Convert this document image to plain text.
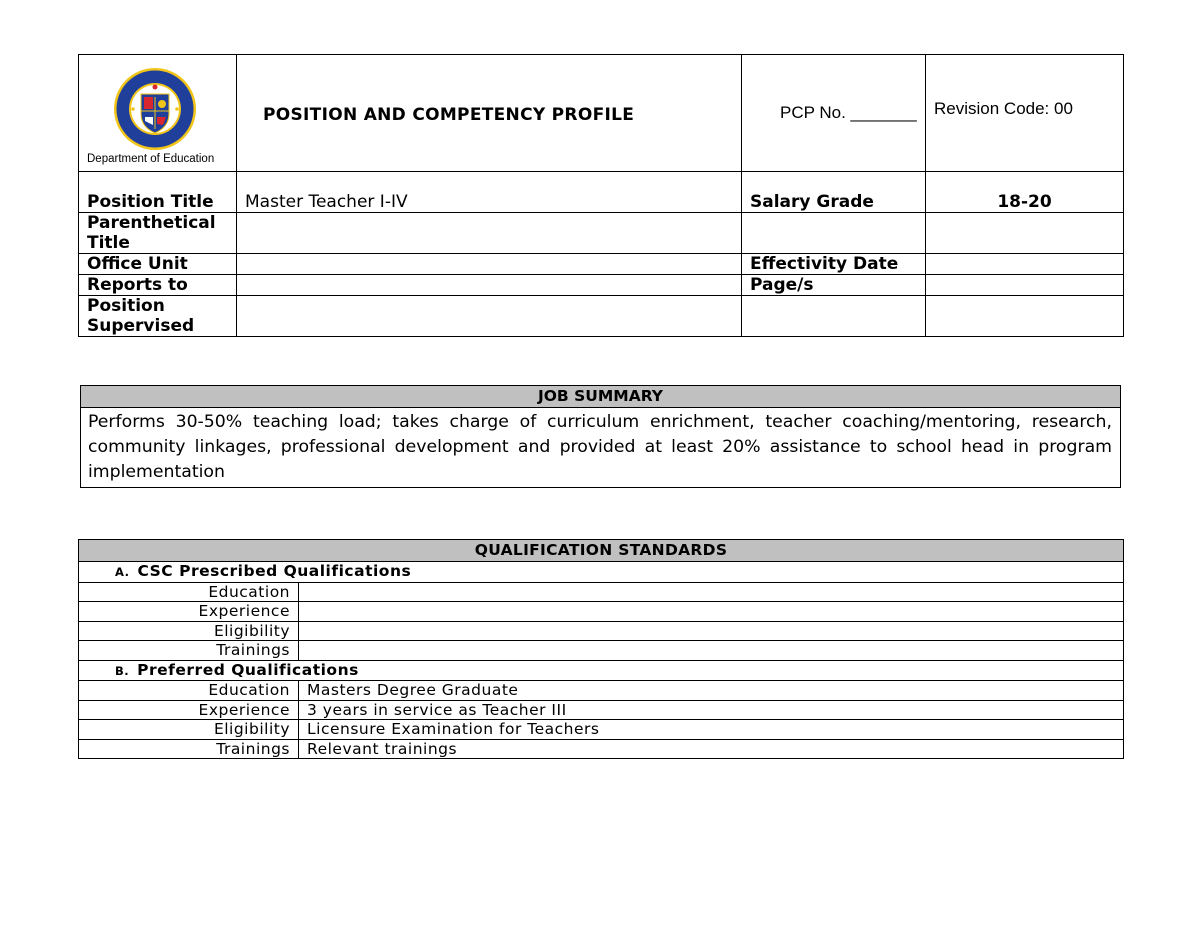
Department of Education	POSITION AND COMPETENCY PROFILE	PCP No. _______	Revision Code: 00
Position Title	Master Teacher I-IV	Salary Grade	18-20
Parenthetical Title			
Office Unit		Effectivity Date	
Reports to		Page/s	
Position Supervised			
JOB SUMMARY
Performs 30-50% teaching load; takes charge of curriculum enrichment, teacher coaching/mentoring, research, community linkages, professional development and provided at least 20% assistance to school head in program implementation
QUALIFICATION STANDARDS	
A. CSC Prescribed Qualifications	
Education	
Experience	
Eligibility	
Trainings	
B. Preferred Qualifications	
Education	Masters Degree Graduate
Experience	3 years in service as Teacher III
Eligibility	Licensure Examination for Teachers
Trainings	Relevant trainings
